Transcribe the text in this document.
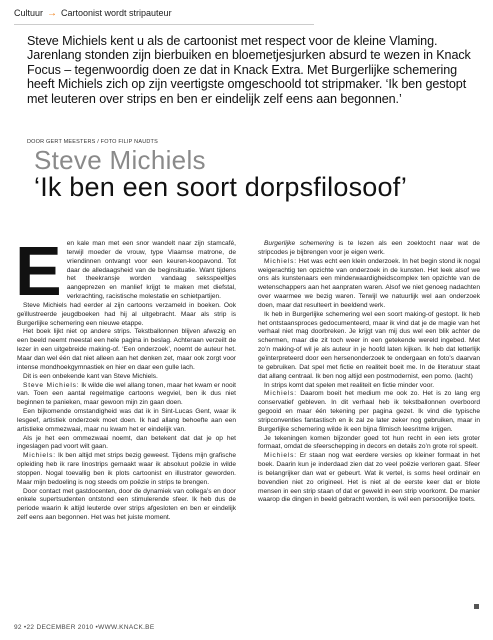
Cultuur → Cartoonist wordt stripauteur
Steve Michiels kent u als de cartoonist met respect voor de kleine Vlaming. Jarenlang stonden zijn bierbuiken en bloemetjesjurken absurd te wezen in Knack Focus – tegenwoordig doen ze dat in Knack Extra. Met Burgerlijke schemering heeft Michiels zich op zijn veertigste omgeschoold tot stripmaker. ‘Ik ben gestopt met leuteren over strips en ben er eindelijk zelf eens aan begonnen.’
DOOR GERT MEESTERS / FOTO FILIP NAUDTS
Steve Michiels
‘Ik ben een soort dorpsfilosoof’

Een kale man met een snor wandelt naar zijn stamcafé, terwijl moeder de vrouw, type Vlaamse matrone, de vriendinnen ontvangt voor een keuren-koopavond. Tot daar de alledaagsheid van de beginsituatie. Want tijdens het theekransje worden vandaag seksspeeltjes aangeprezen en manlief krijgt te maken met diefstal, verkrachting, racistische molestatie en schietpartijen.

Steve Michiels had eerder al zijn cartoons verzameld in boeken. Ook geïllustreerde jeugdboeken had hij al uitgebracht. Maar als strip is Burgerlijke schemering een nieuwe etappe.

Het boek lijkt niet op andere strips. Tekstballonnen blijven afwezig en een beeld neemt meestal een hele pagina in beslag. Achteraan verzeilt de lezer in een uitgebreide making-of. ‘Een onderzoek’, noemt de auteur het. Maar dan wel één dat niet alleen aan het denken zet, maar ook zorgt voor intense mondhoekgymnastiek en hier en daar een gulle lach.

Dit is een onbekende kant van Steve Michiels.

Steve Michiels: Ik wilde die wel allang tonen, maar het kwam er nooit van. Toen een aantal regelmatige cartoons wegviel, ben ik dus niet beginnen te panieken, maar gewoon mijn zin gaan doen.

Een bijkomende omstandigheid was dat ik in Sint-Lucas Gent, waar ik lesgeef, artistiek onderzoek moet doen. Ik had allang behoefte aan een artistieke ommezwaai, maar nu kwam het er eindelijk van.

Als je het een ommezwaai noemt, dan betekent dat dat je op het ingeslagen pad voort wilt gaan.

Michiels: Ik ben altijd met strips bezig geweest. Tijdens mijn grafische opleiding heb ik rare linostrips gemaakt waar ik absoluut poëzie in wilde stoppen. Nogal toevallig ben ik plots cartoonist en illustrator geworden. Maar mijn bedoeling is nog steeds om poëzie in strips te brengen.

Door contact met gastdocenten, door de dynamiek van collega’s en door enkele supertsudenten ontstond een stimulerende sfeer. Ik heb dus de periode waarin ik altijd leuterde over strips afgesloten en ben er eindelijk zelf eens aan begonnen. Het was het juiste moment.

Burgerlijke schemering is te lezen als een zoektocht naar wat de stripcodes je bijbrengen voor je eigen werk.

Michiels: Het was echt een klein onderzoek. In het begin stond ik nogal weigerachtig ten opzichte van onderzoek in de kunsten. Het leek alsof we ons als kunstenaars een minderwaardigheidscomplex ten opzichte van de wetenschappers aan het aanpraten waren. Alsof we niet genoeg nadachten over waarmee we bezig waren. Terwijl we natuurlijk wel aan onderzoek doen, maar dat resulteert in beeldend werk.

Ik heb in Burgerlijke schemering wel een soort making-of gestopt. Ik heb het ontstaansproces gedocumenteerd, maar ik vind dat je de magie van het verhaal niet mag doorbreken. Je krijgt van mij dus wel een blik achter de schermen, maar die zit toch weer in een getekende wereld ingebed. Met zo’n making-of wil je als auteur in je hoofd laten kijken. Ik heb dat letterlijk geïnterpreteerd door een hersenonderzoek te ondergaan en foto’s daarvan te gebruiken. Dat spel met fictie en realiteit boeit me. In de literatuur staat dat allang centraal. Ik ben nog altijd een postmodernist, een pomo. (lacht)

In strips komt dat spelen met realiteit en fictie minder voor.

Michiels: Daarom boeit het medium me ook zo. Het is zo lang erg conservatief gebleven. In dit verhaal heb ik tekstballonnen overboord gegooid en maar één tekening per pagina gezet. Ik vind die typische stripconventies fantastisch en ik zal ze later zeker nog gebruiken, maar in Burgerlijke schemering wilde ik een bijna filmisch leesritme krijgen.

Je tekeningen komen bijzonder goed tot hun recht in een iets groter formaat, omdat de sfeerschepping in decors en details zo’n grote rol speelt.

Michiels: Er staan nog wat eerdere versies op kleiner formaat in het boek. Daarin kun je inderdaad zien dat zo veel poëzie verloren gaat. Sfeer is belangrijker dan wat er gebeurt. Wat ik vertel, is soms heel ordinair en bovendien niet zo origineel. Het is niet al de eerste keer dat er blote mensen in een strip staan of dat er geweld in een strip voorkomt. De manier waarop die dingen in beeld gebracht worden, is wél een persoonlijke toets.

92 •22 DECEMBER 2010 •WWW.KNACK.BE
